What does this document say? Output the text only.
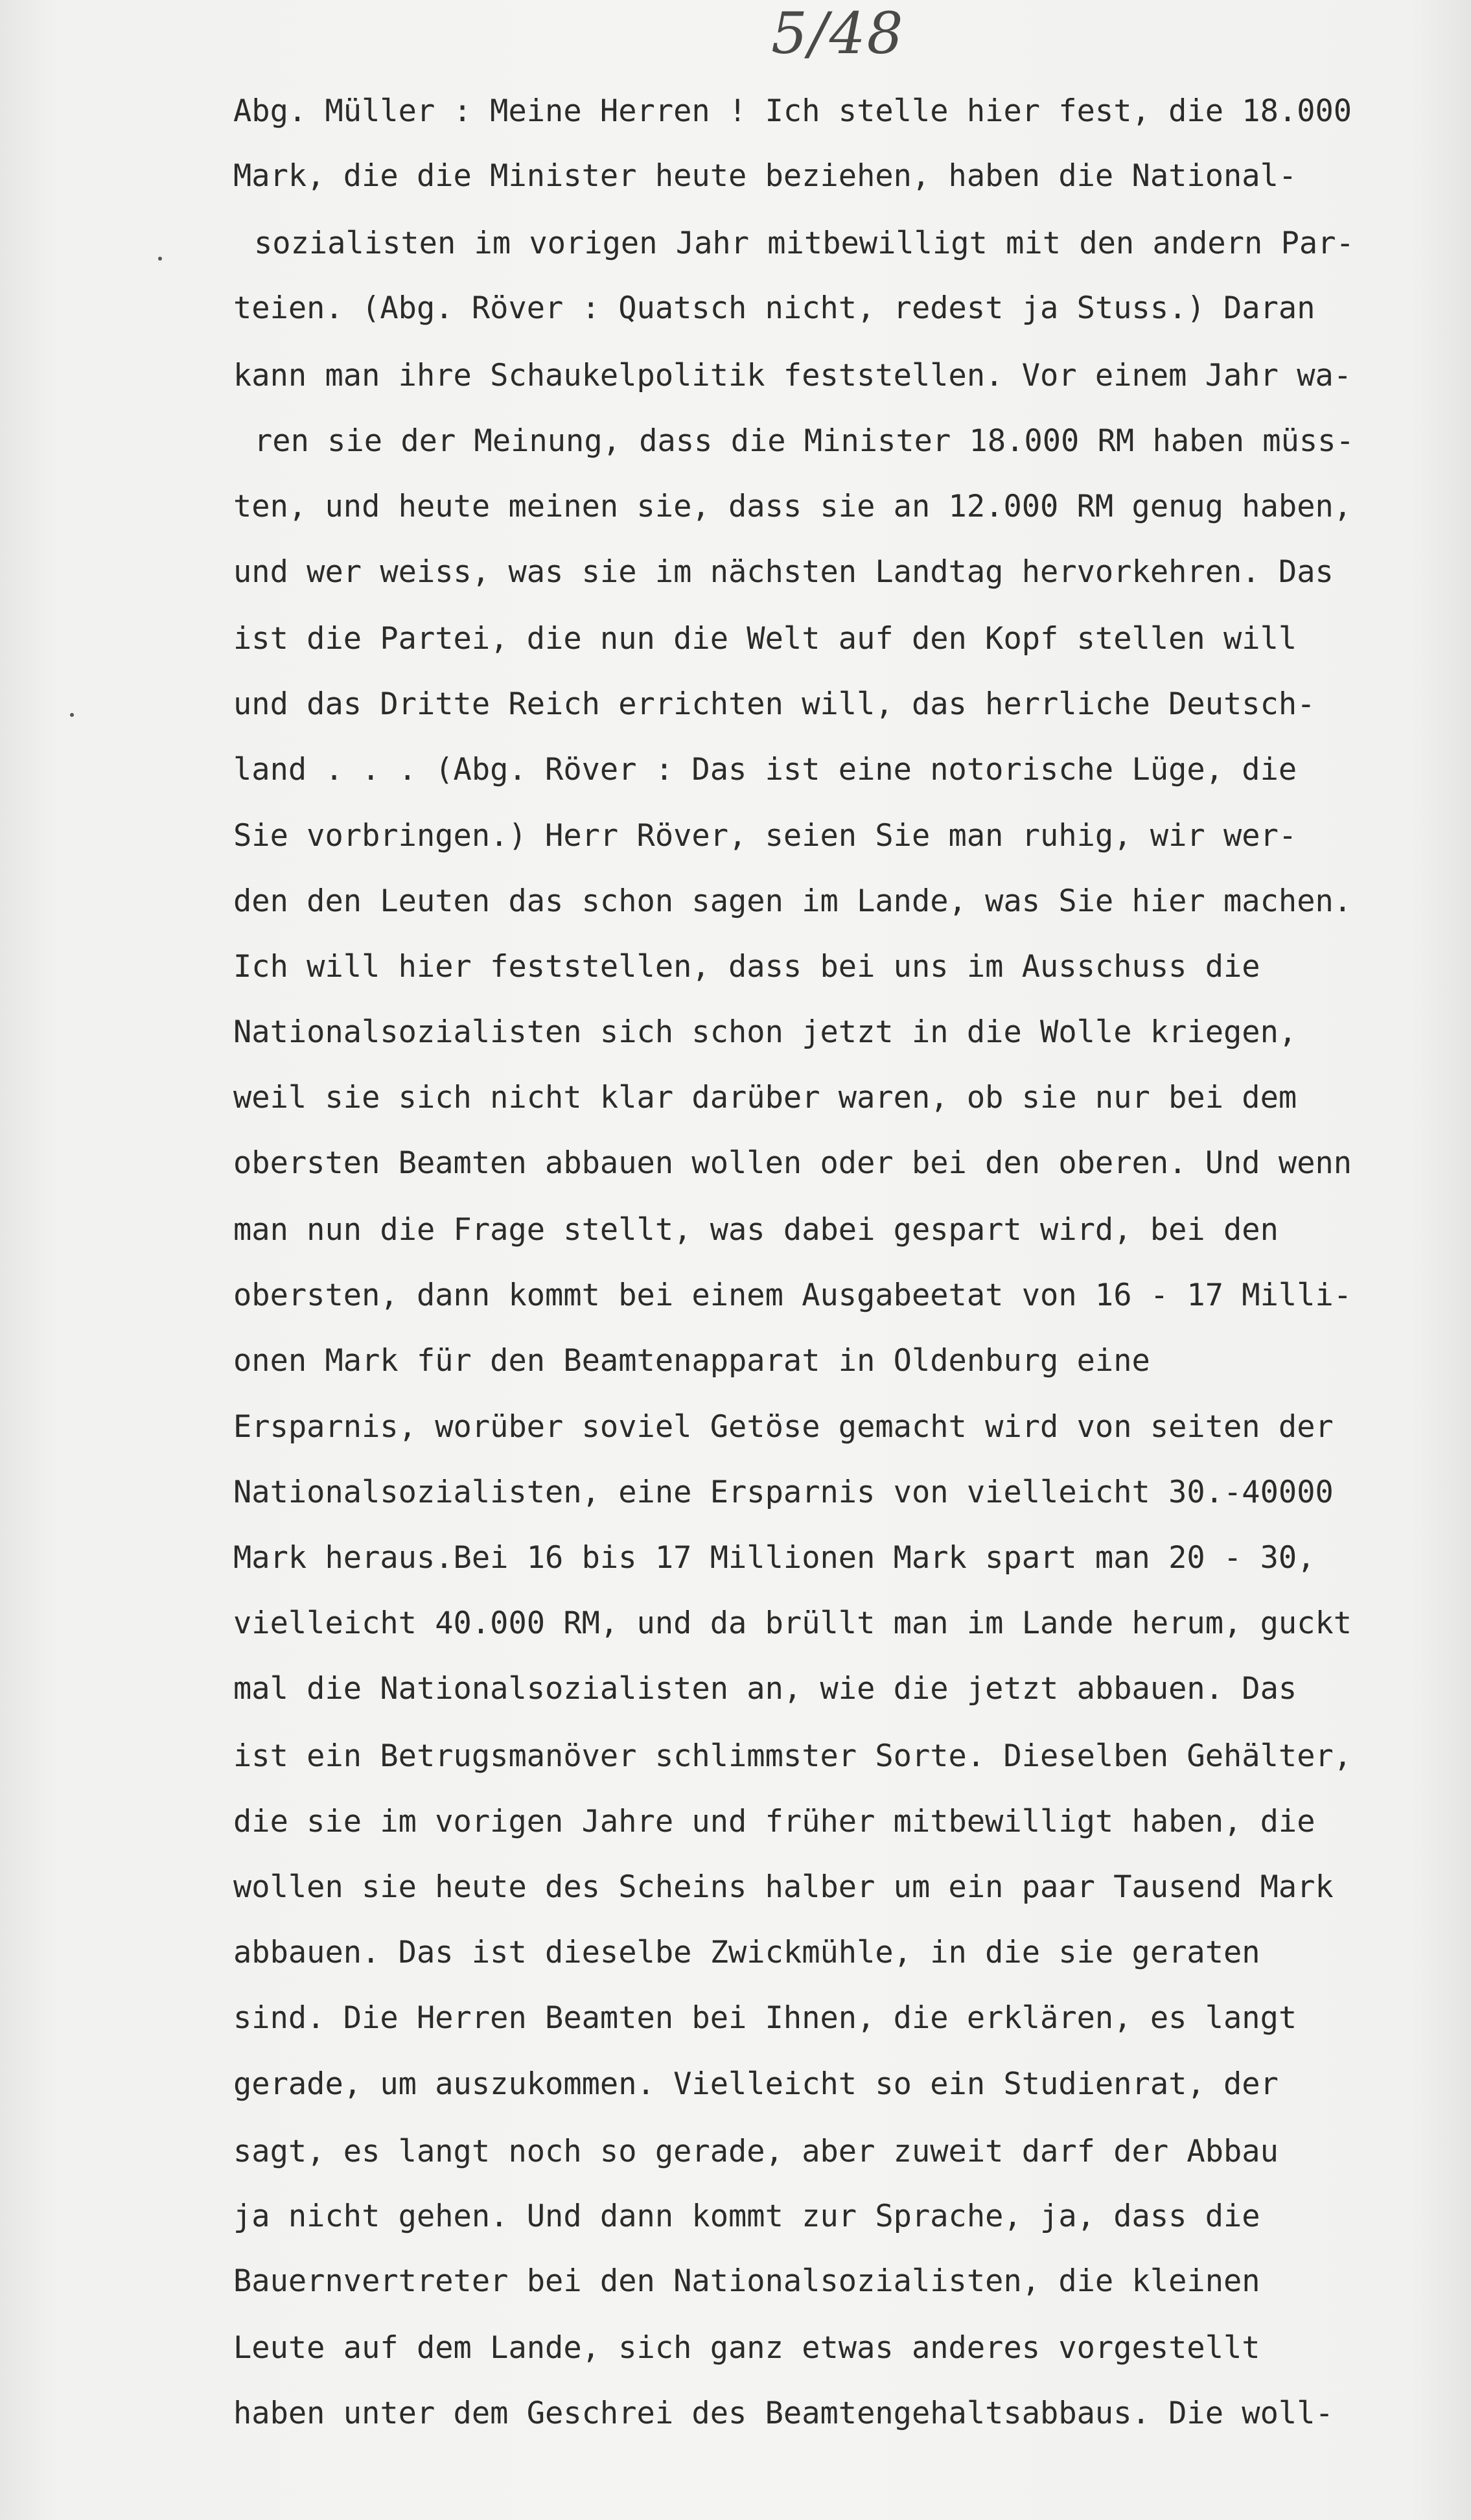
5/48
Abg. Müller : Meine Herren ! Ich stelle hier fest, die 18.000
Mark, die die Minister heute beziehen, haben die National-
sozialisten im vorigen Jahr mitbewilligt mit den andern Par-
teien. (Abg. Röver : Quatsch nicht, redest ja Stuss.) Daran
kann man ihre Schaukelpolitik feststellen. Vor einem Jahr wa-
ren sie der Meinung, dass die Minister 18.000 RM haben müss-
ten, und heute meinen sie, dass sie an 12.000 RM genug haben,
und wer weiss, was sie im nächsten Landtag hervorkehren. Das
ist die Partei, die nun die Welt auf den Kopf stellen will
und das Dritte Reich errichten will, das herrliche Deutsch-
land . . . (Abg. Röver : Das ist eine notorische Lüge, die
Sie vorbringen.) Herr Röver, seien Sie man ruhig, wir wer-
den den Leuten das schon sagen im Lande, was Sie hier machen.
Ich will hier feststellen, dass bei uns im Ausschuss die
Nationalsozialisten sich schon jetzt in die Wolle kriegen,
weil sie sich nicht klar darüber waren, ob sie nur bei dem
obersten Beamten abbauen wollen oder bei den oberen. Und wenn
man nun die Frage stellt, was dabei gespart wird, bei den
obersten, dann kommt bei einem Ausgabeetat von 16 - 17 Milli-
onen Mark für den Beamtenapparat in Oldenburg eine
Ersparnis, worüber soviel Getöse gemacht wird von seiten der
Nationalsozialisten, eine Ersparnis von vielleicht 30.-40000
Mark heraus.Bei 16 bis 17 Millionen Mark spart man 20 - 30,
vielleicht 40.000 RM, und da brüllt man im Lande herum, guckt
mal die Nationalsozialisten an, wie die jetzt abbauen. Das
ist ein Betrugsmanöver schlimmster Sorte. Dieselben Gehälter,
die sie im vorigen Jahre und früher mitbewilligt haben, die
wollen sie heute des Scheins halber um ein paar Tausend Mark
abbauen. Das ist dieselbe Zwickmühle, in die sie geraten
sind. Die Herren Beamten bei Ihnen, die erklären, es langt
gerade, um auszukommen. Vielleicht so ein Studienrat, der
sagt, es langt noch so gerade, aber zuweit darf der Abbau
ja nicht gehen. Und dann kommt zur Sprache, ja, dass die
Bauernvertreter bei den Nationalsozialisten, die kleinen
Leute auf dem Lande, sich ganz etwas anderes vorgestellt
haben unter dem Geschrei des Beamtengehaltsabbaus. Die woll-
